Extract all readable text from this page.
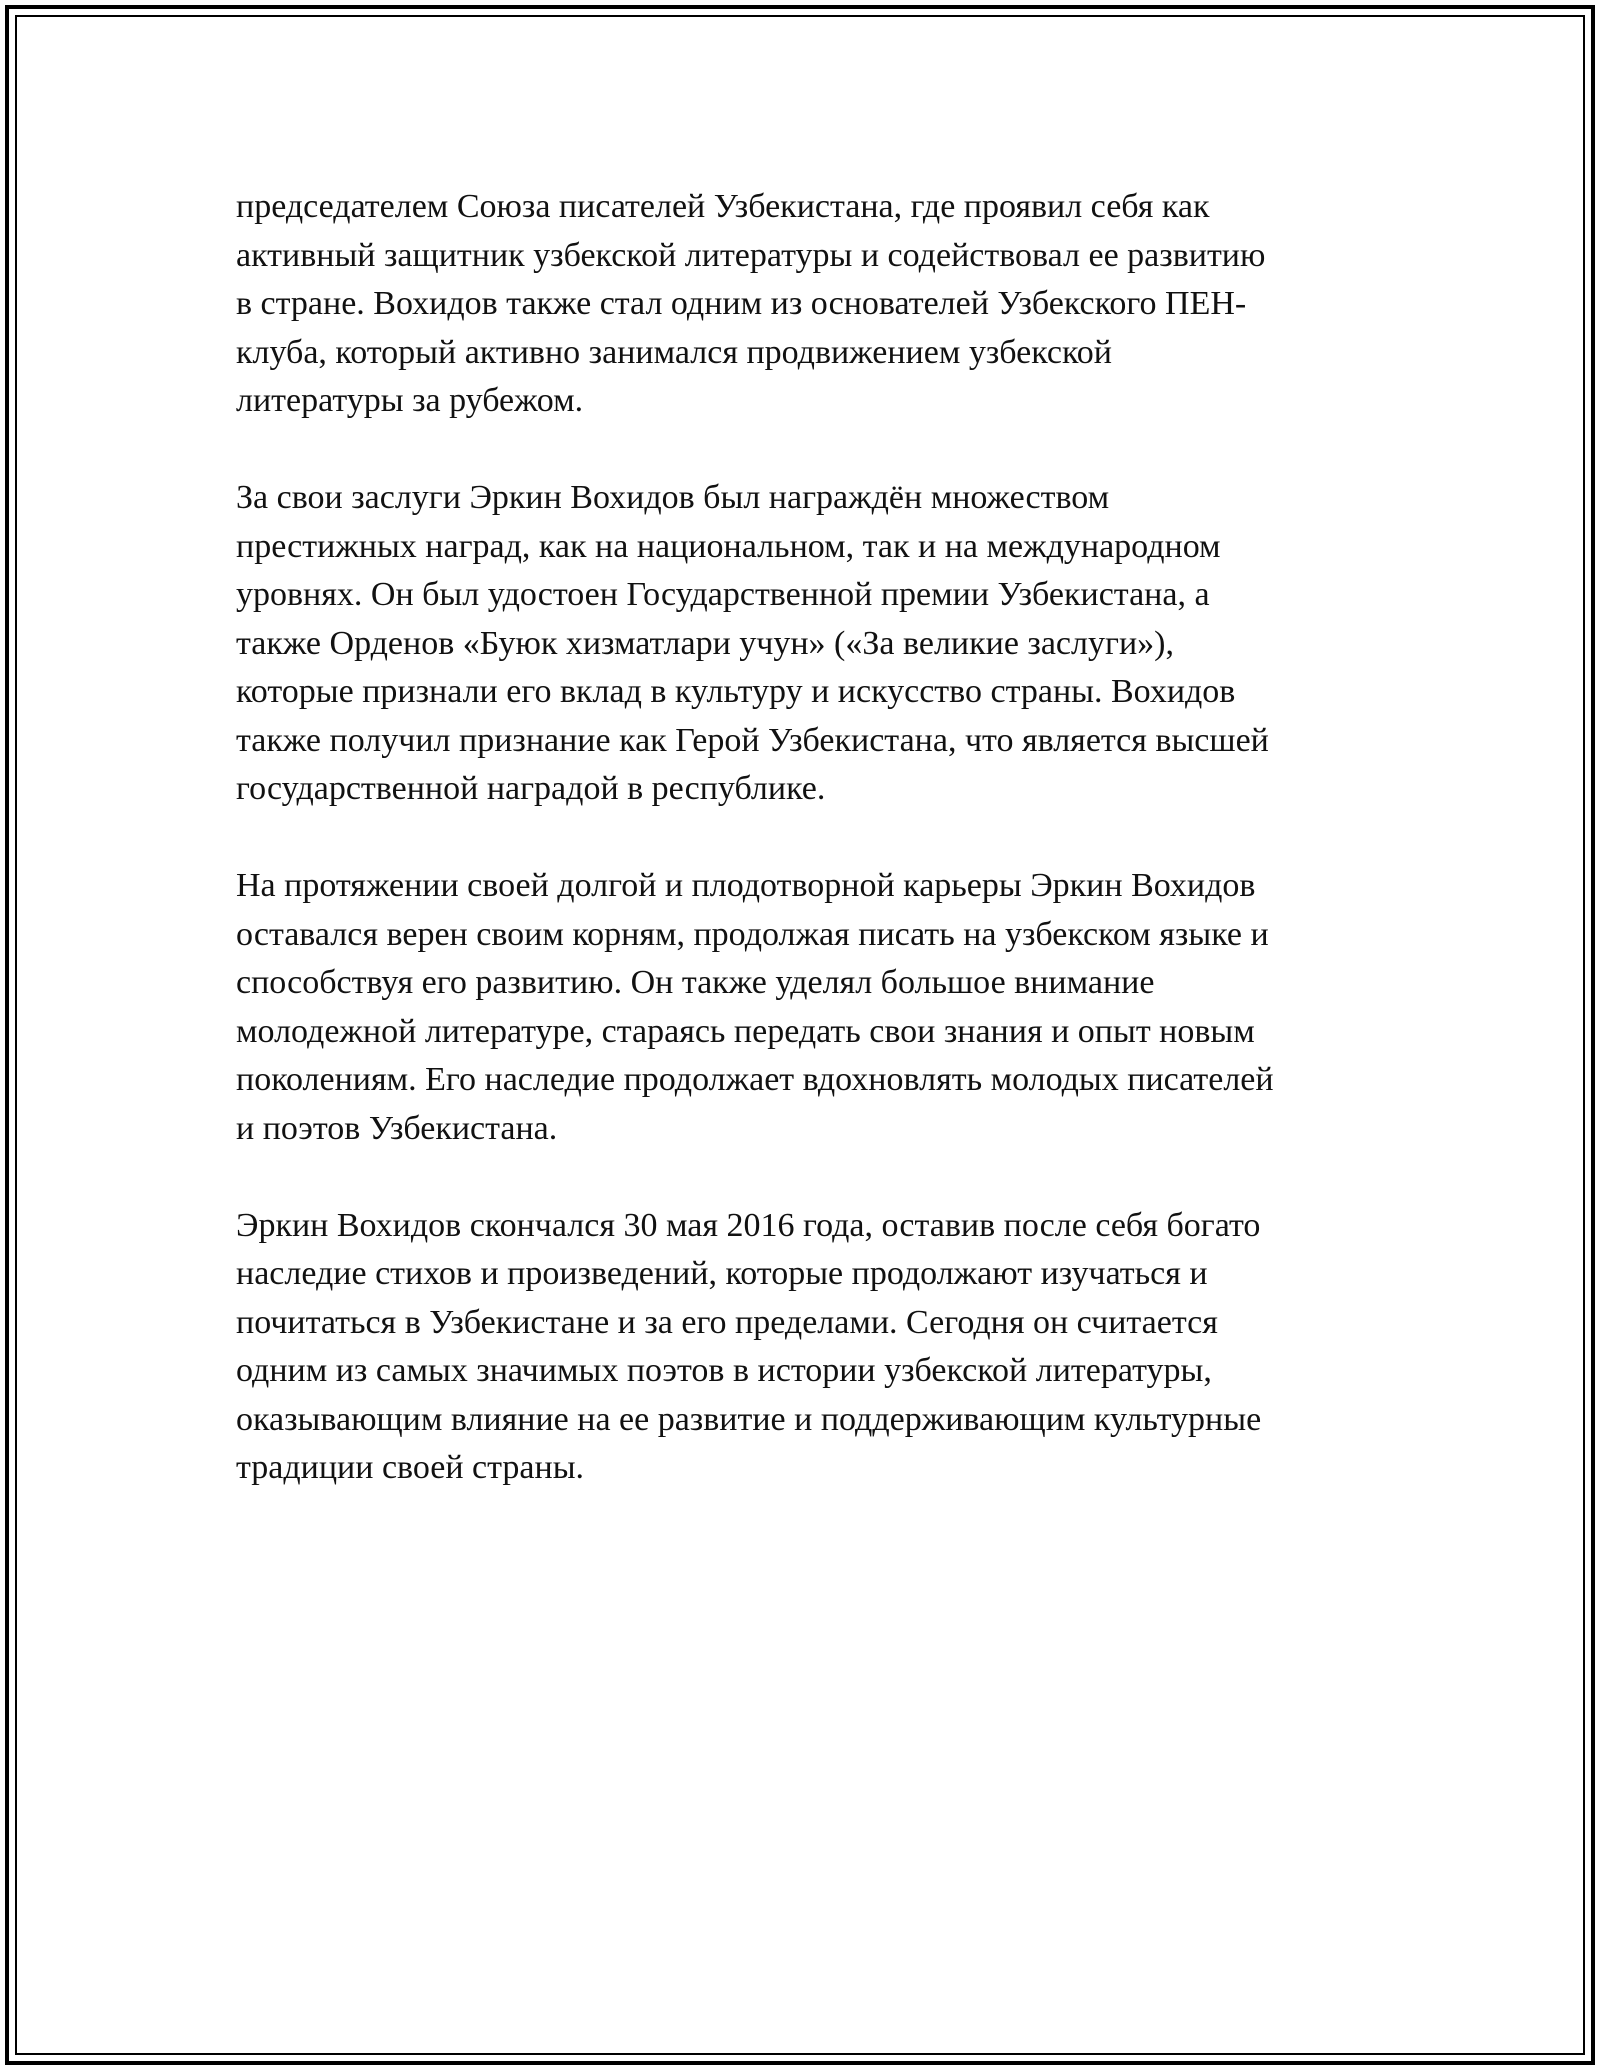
председателем Союза писателей Узбекистана, где проявил себя как
активный защитник узбекской литературы и содействовал ее развитию
в стране. Вохидов также стал одним из основателей Узбекского ПЕН-
клуба, который активно занимался продвижением узбекской
литературы за рубежом.

За свои заслуги Эркин Вохидов был награждён множеством
престижных наград, как на национальном, так и на международном
уровнях. Он был удостоен Государственной премии Узбекистана, а
также Орденов «Буюк хизматлари учун» («За великие заслуги»),
которые признали его вклад в культуру и искусство страны. Вохидов
также получил признание как Герой Узбекистана, что является высшей
государственной наградой в республике.

На протяжении своей долгой и плодотворной карьеры Эркин Вохидов
оставался верен своим корням, продолжая писать на узбекском языке и
способствуя его развитию. Он также уделял большое внимание
молодежной литературе, стараясь передать свои знания и опыт новым
поколениям. Его наследие продолжает вдохновлять молодых писателей
и поэтов Узбекистана.

Эркин Вохидов скончался 30 мая 2016 года, оставив после себя богато
наследие стихов и произведений, которые продолжают изучаться и
почитаться в Узбекистане и за его пределами. Сегодня он считается
одним из самых значимых поэтов в истории узбекской литературы,
оказывающим влияние на ее развитие и поддерживающим культурные
традиции своей страны.
